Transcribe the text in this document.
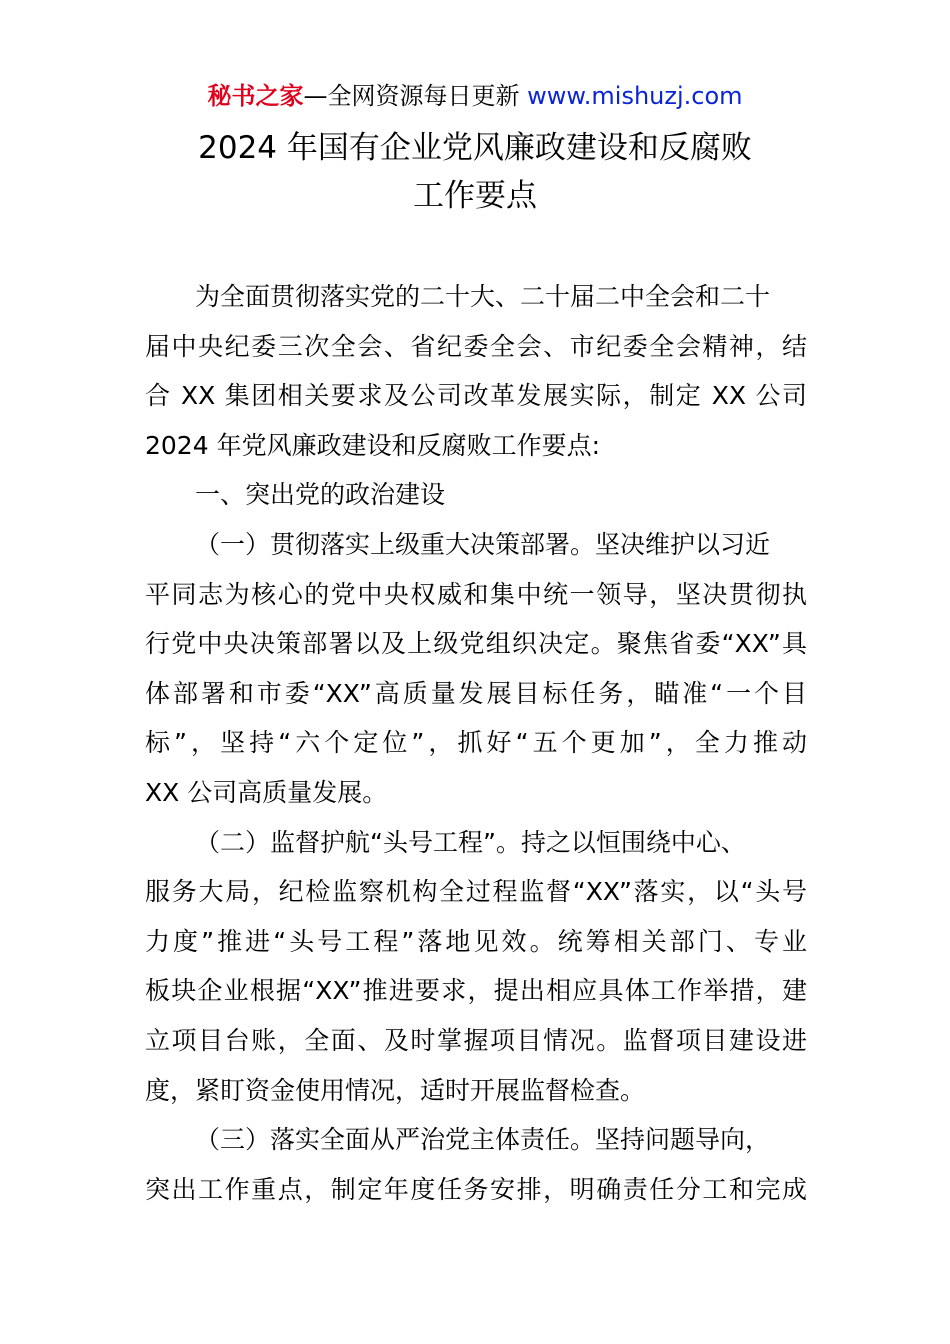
秘书之家—全网资源每日更新 www.mishuzj.com
2024 年国有企业党风廉政建设和反腐败
工作要点
为全面贯彻落实党的二十大、二十届二中全会和二十
届中央纪委三次全会、省纪委全会、市纪委全会精神，结
合 XX 集团相关要求及公司改革发展实际，制定 XX 公司
2024 年党风廉政建设和反腐败工作要点:
一、突出党的政治建设
（一）贯彻落实上级重大决策部署。坚决维护以习近
平同志为核心的党中央权威和集中统一领导，坚决贯彻执
行党中央决策部署以及上级党组织决定。聚焦省委“XX”具
体部署和市委“XX”高质量发展目标任务，瞄准“一个目
标”，坚持“六个定位”，抓好“五个更加”，全力推动
XX 公司高质量发展。
（二）监督护航“头号工程”。持之以恒围绕中心、
服务大局，纪检监察机构全过程监督“XX”落实，以“头号
力度”推进“头号工程”落地见效。统筹相关部门、专业
板块企业根据“XX”推进要求，提出相应具体工作举措，建
立项目台账，全面、及时掌握项目情况。监督项目建设进
度，紧盯资金使用情况，适时开展监督检查。
（三）落实全面从严治党主体责任。坚持问题导向，
突出工作重点，制定年度任务安排，明确责任分工和完成
